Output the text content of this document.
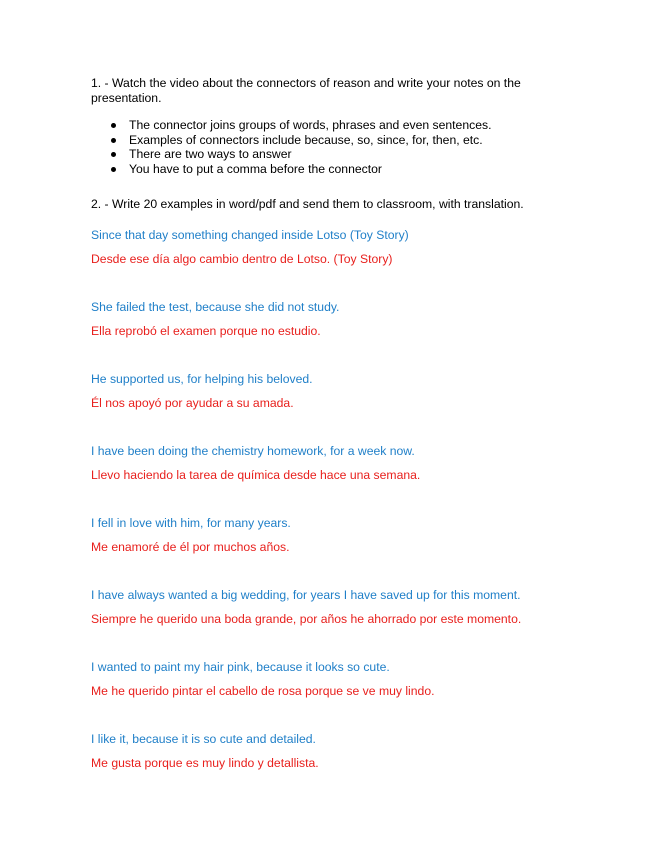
1. - Watch the video about the connectors of reason and write your notes on the presentation.

The connector joins groups of words, phrases and even sentences.
Examples of connectors include because, so, since, for, then, etc.
There are two ways to answer
You have to put a comma before the connector

2. - Write 20 examples in word/pdf and send them to classroom, with translation.

Since that day something changed inside Lotso (Toy Story)
Desde ese día algo cambio dentro de Lotso. (Toy Story)
She failed the test, because she did not study.
Ella reprobó el examen porque no estudio.
He supported us, for helping his beloved.
Él nos apoyó por ayudar a su amada.
I have been doing the chemistry homework, for a week now.
Llevo haciendo la tarea de química desde hace una semana.
I fell in love with him, for many years.
Me enamoré de él por muchos años.
I have always wanted a big wedding, for years I have saved up for this moment.
Siempre he querido una boda grande, por años he ahorrado por este momento.
I wanted to paint my hair pink, because it looks so cute.
Me he querido pintar el cabello de rosa porque se ve muy lindo.
I like it, because it is so cute and detailed.
Me gusta porque es muy lindo y detallista.
